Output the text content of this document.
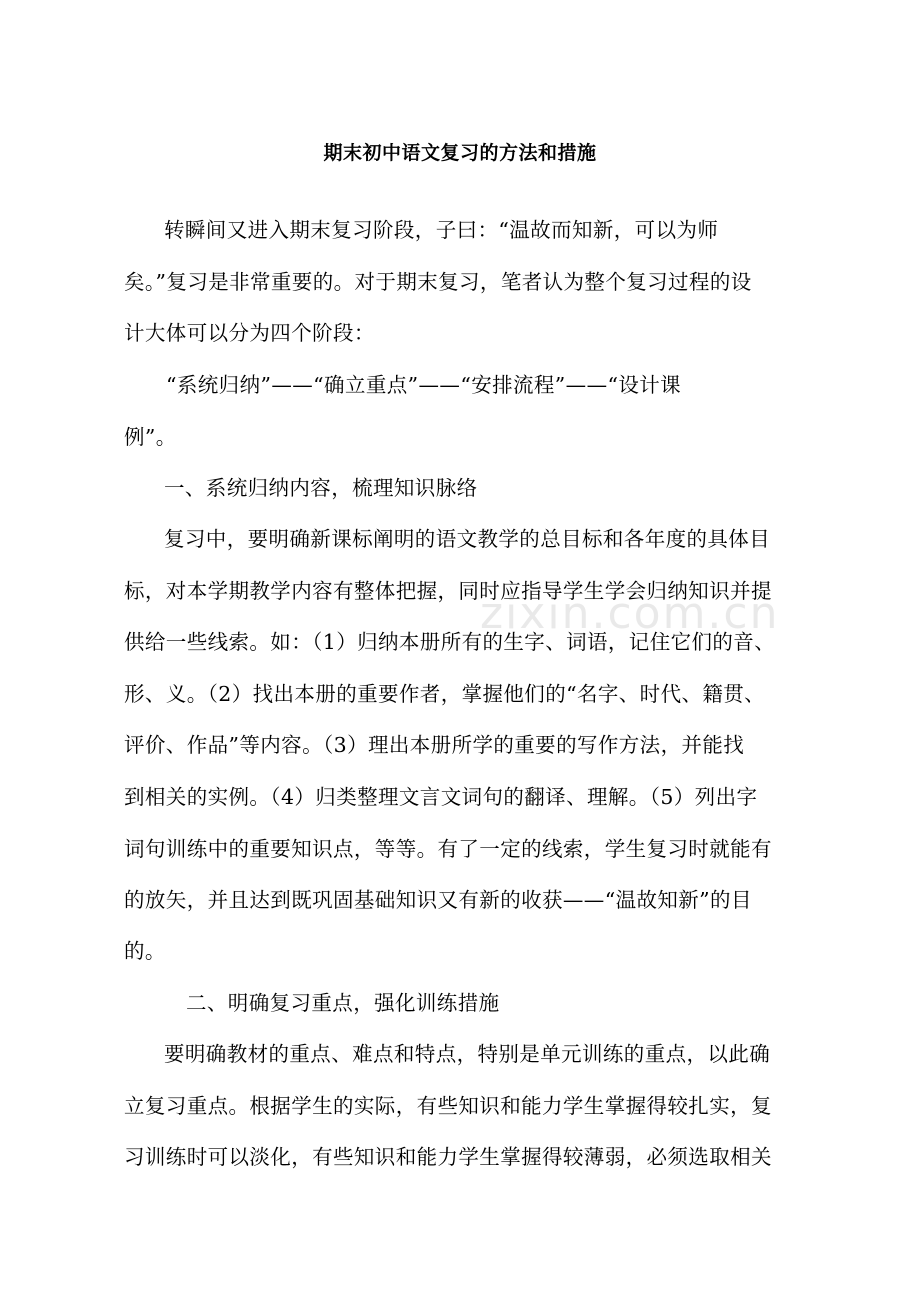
期末初中语文复习的方法和措施
zixin.com.cn
转瞬间又进入期末复习阶段，子曰：“温故而知新，可以为师
矣。”复习是非常重要的。对于期末复习，笔者认为整个复习过程的设
计大体可以分为四个阶段：
“系统归纳”——“确立重点”——“安排流程”——“设计课
例”。
一、系统归纳内容，梳理知识脉络
复习中，要明确新课标阐明的语文教学的总目标和各年度的具体目
标，对本学期教学内容有整体把握，同时应指导学生学会归纳知识并提
供给一些线索。如：（1）归纳本册所有的生字、词语，记住它们的音、
形、义。（2）找出本册的重要作者，掌握他们的“名字、时代、籍贯、
评价、作品”等内容。（3）理出本册所学的重要的写作方法，并能找
到相关的实例。（4）归类整理文言文词句的翻译、理解。（5）列出字
词句训练中的重要知识点，等等。有了一定的线索，学生复习时就能有
的放矢，并且达到既巩固基础知识又有新的收获——“温故知新”的目
的。
二、明确复习重点，强化训练措施
要明确教材的重点、难点和特点，特别是单元训练的重点，以此确
立复习重点。根据学生的实际，有些知识和能力学生掌握得较扎实，复
习训练时可以淡化，有些知识和能力学生掌握得较薄弱，必须选取相关
